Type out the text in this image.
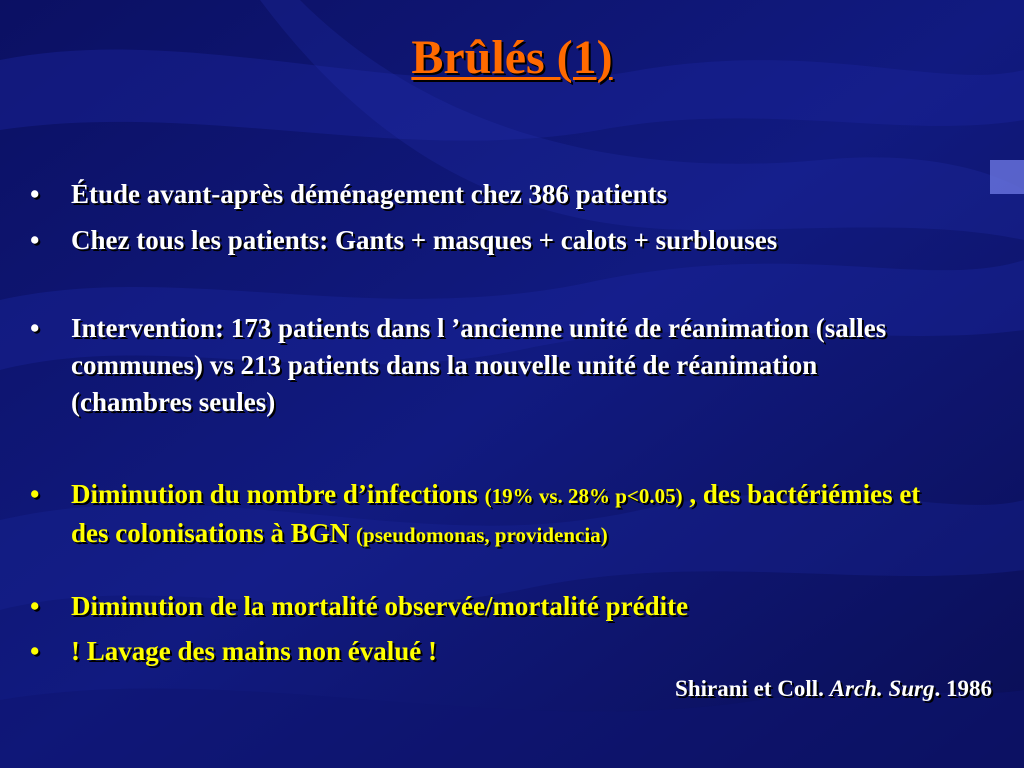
Brûlés (1)
•	Étude avant-après déménagement chez 386 patients
•	Chez tous les patients: Gants + masques + calots + surblouses
•	Intervention: 173 patients dans l ’ancienne unité de réanimation (salles communes) vs 213 patients dans la nouvelle unité de réanimation (chambres seules)
•	Diminution du nombre d’infections (19% vs. 28% p<0.05) , des bactériémies et des colonisations à BGN (pseudomonas, providencia)
•	Diminution de la mortalité observée/mortalité prédite
•	! Lavage des mains non évalué !
Shirani et Coll. Arch. Surg. 1986
